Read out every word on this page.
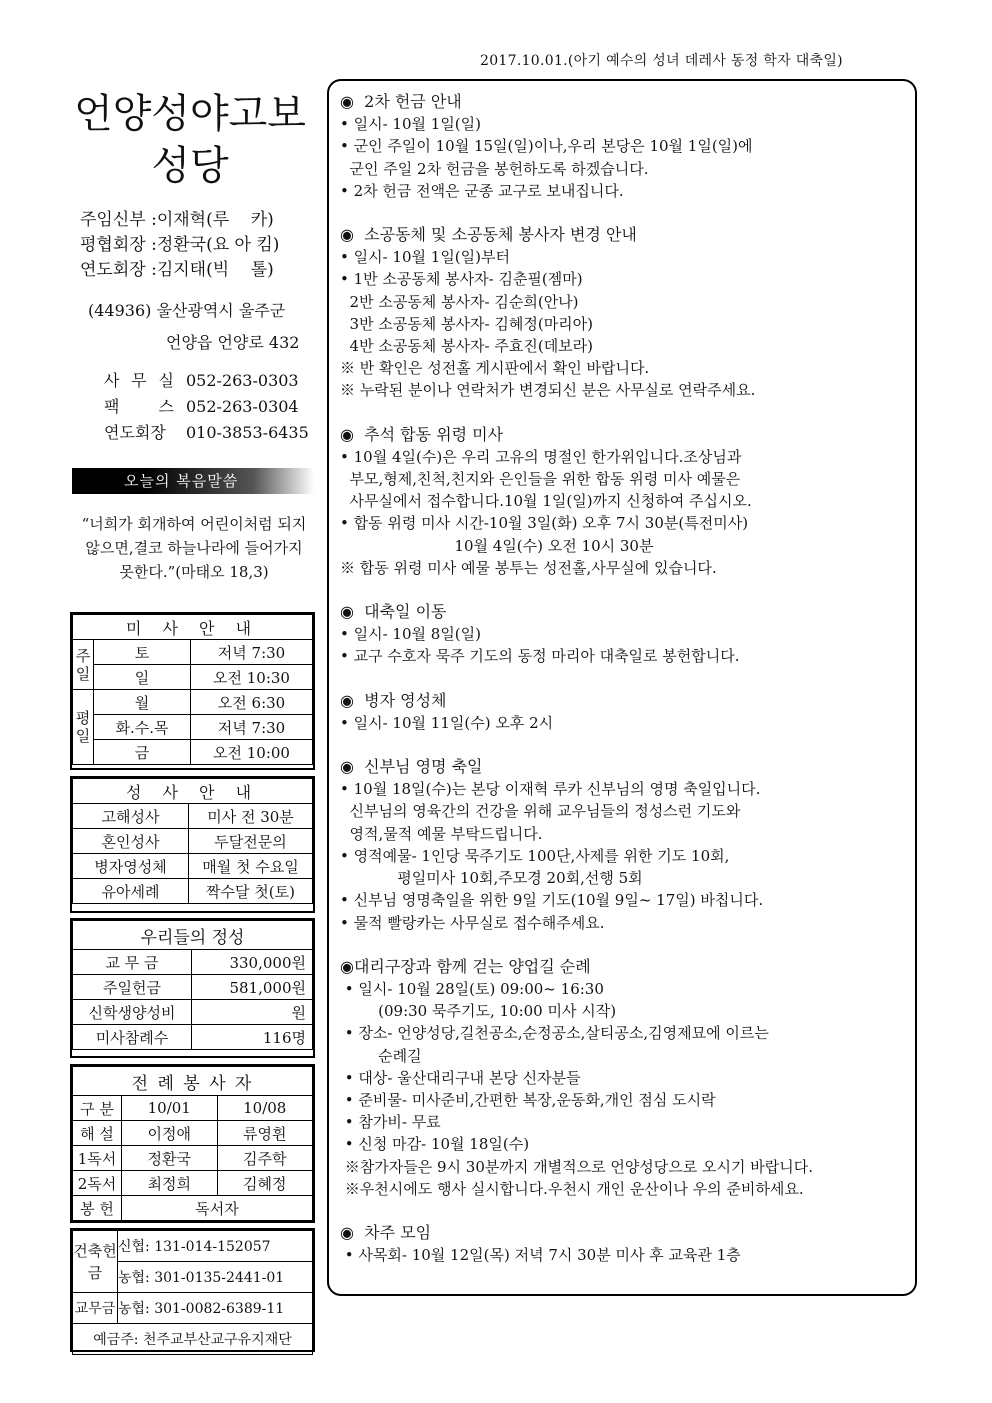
2017.10.01.(아기 예수의 성녀 데레사 동정 학자 대축일)
언양성야고보
성당
주임신부 :이재혁(루    카)
평협회장 :정환국(요 아 킴)
연도회장 :김지태(빅    톨)
(44936) 울산광역시 울주군
언양읍 언양로 432
사 무 실 052-263-0303
팩 스 052-263-0304
연도회장	010-3853-6435
오늘의 복음말씀
“너희가 회개하여 어린이처럼 되지 않으면,결코 하늘나라에 들어가지 못한다.”(마태오 18,3)
미 사 안 내		
주일	토	저녁 7:30
	일	오전 10:30
평일	월	오전 6:30
	화.수.목	저녁 7:30
	금	오전 10:00
성 사 안 내	
고해성사	미사 전 30분
혼인성사	두달전문의
병자영성체	매월 첫 수요일
유아세례	짝수달 첫(토)
우리들의 정성	
교 무 금	330,000원
주일헌금	581,000원
신학생양성비	원
미사참례수	116명
전 례 봉 사 자		
구 분	10/01	10/08
해 설	이정애	류영휜
1독서	정환국	김주학
2독서	최정희	김혜정
봉 헌	독서자	
건축헌금	신협: 131-014-152057
	농협: 301-0135-2441-01
교무금	농협: 301-0082-6389-11
예금주: 천주교부산교구유지재단	
◉  2차 헌금 안내
• 일시- 10월 1일(일)
• 군인 주일이 10월 15일(일)이나,우리 본당은 10월 1일(일)에
군인 주일 2차 헌금을 봉헌하도록 하겠습니다.
• 2차 헌금 전액은 군종 교구로 보내집니다.
◉  소공동체 및 소공동체 봉사자 변경 안내
• 일시- 10월 1일(일)부터
• 1반 소공동체 봉사자- 김춘필(젬마)
2반 소공동체 봉사자- 김순희(안나)
3반 소공동체 봉사자- 김혜정(마리아)
4반 소공동체 봉사자- 주효진(데보라)
※ 반 확인은 성전홀 게시판에서 확인 바랍니다.
※ 누락된 분이나 연락처가 변경되신 분은 사무실로 연락주세요.
◉  추석 합동 위령 미사
• 10월 4일(수)은 우리 고유의 명절인 한가위입니다.조상님과
부모,형제,친척,친지와 은인들을 위한 합동 위령 미사 예물은
사무실에서 접수합니다.10월 1일(일)까지 신청하여 주십시오.
• 합동 위령 미사 시간-10월 3일(화) 오후 7시 30분(특전미사)
10월 4일(수) 오전 10시 30분
※ 합동 위령 미사 예물 봉투는 성전홀,사무실에 있습니다.
◉  대축일 이동
• 일시- 10월 8일(일)
• 교구 수호자 묵주 기도의 동정 마리아 대축일로 봉헌합니다.
◉  병자 영성체
• 일시- 10월 11일(수) 오후 2시
◉  신부님 영명 축일
• 10월 18일(수)는 본당 이재혁 루카 신부님의 영명 축일입니다.
신부님의 영육간의 건강을 위해 교우님들의 정성스런 기도와
영적,물적 예물 부탁드립니다.
• 영적예물- 1인당 묵주기도 100단,사제를 위한 기도 10회,
평일미사 10회,주모경 20회,선행 5회
• 신부님 영명축일을 위한 9일 기도(10월 9일~ 17일) 바칩니다.
• 물적 빨랑카는 사무실로 접수해주세요.
◉대리구장과 함께 걷는 양업길 순례
• 일시- 10월 28일(토) 09:00~ 16:30
(09:30 묵주기도, 10:00 미사 시작)
• 장소- 언양성당,길천공소,순정공소,살티공소,김영제묘에 이르는
순례길
• 대상- 울산대리구내 본당 신자분들
• 준비물- 미사준비,간편한 복장,운동화,개인 점심 도시락
• 참가비- 무료
• 신청 마감- 10월 18일(수)
※참가자들은 9시 30분까지 개별적으로 언양성당으로 오시기 바랍니다.
※우천시에도 행사 실시합니다.우천시 개인 운산이나 우의 준비하세요.
◉  차주 모임
• 사목회- 10월 12일(목) 저녁 7시 30분 미사 후 교육관 1층
